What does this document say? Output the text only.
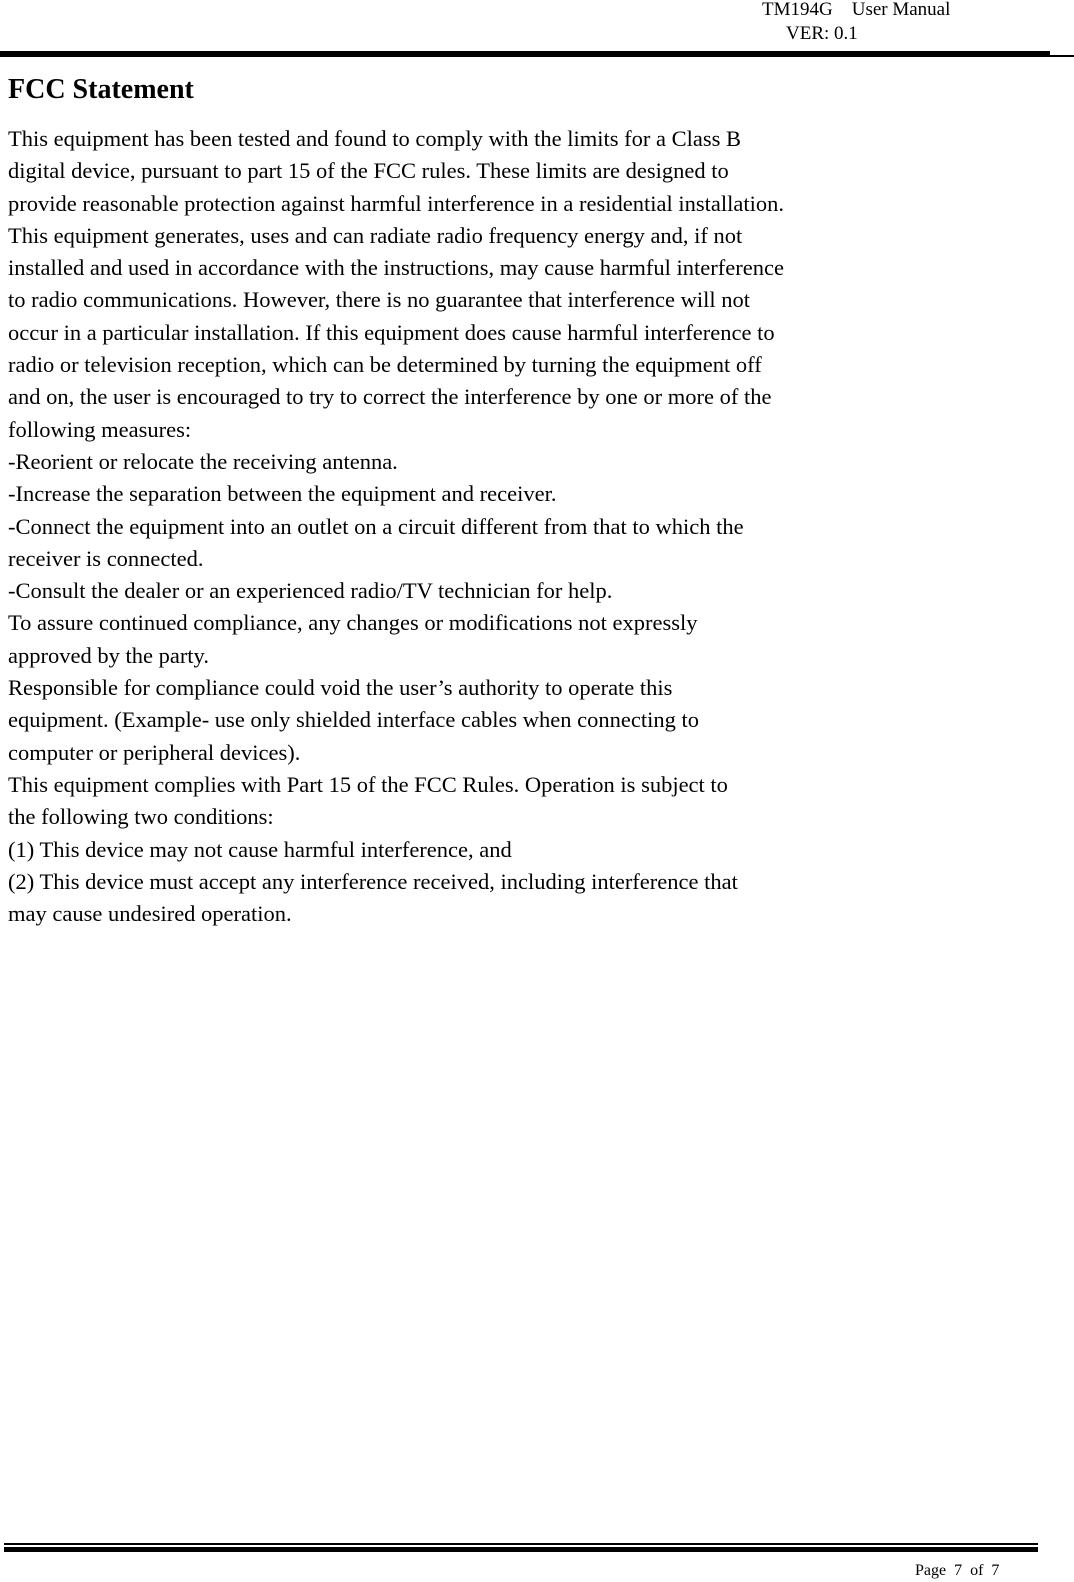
TM194G    User Manual
VER: 0.1
FCC Statement
This equipment has been tested and found to comply with the limits for a Class B
digital device, pursuant to part 15 of the FCC rules. These limits are designed to
provide reasonable protection against harmful interference in a residential installation.
This equipment generates, uses and can radiate radio frequency energy and, if not
installed and used in accordance with the instructions, may cause harmful interference
to radio communications. However, there is no guarantee that interference will not
occur in a particular installation. If this equipment does cause harmful interference to
radio or television reception, which can be determined by turning the equipment off
and on, the user is encouraged to try to correct the interference by one or more of the
following measures:
-Reorient or relocate the receiving antenna.
-Increase the separation between the equipment and receiver.
-Connect the equipment into an outlet on a circuit different from that to which the
receiver is connected.
-Consult the dealer or an experienced radio/TV technician for help.
To assure continued compliance, any changes or modifications not expressly
approved by the party.
Responsible for compliance could void the user’s authority to operate this
equipment. (Example- use only shielded interface cables when connecting to
computer or peripheral devices).
This equipment complies with Part 15 of the FCC Rules. Operation is subject to
the following two conditions:
(1) This device may not cause harmful interference, and
(2) This device must accept any interference received, including interference that
may cause undesired operation.
Page  7  of  7
